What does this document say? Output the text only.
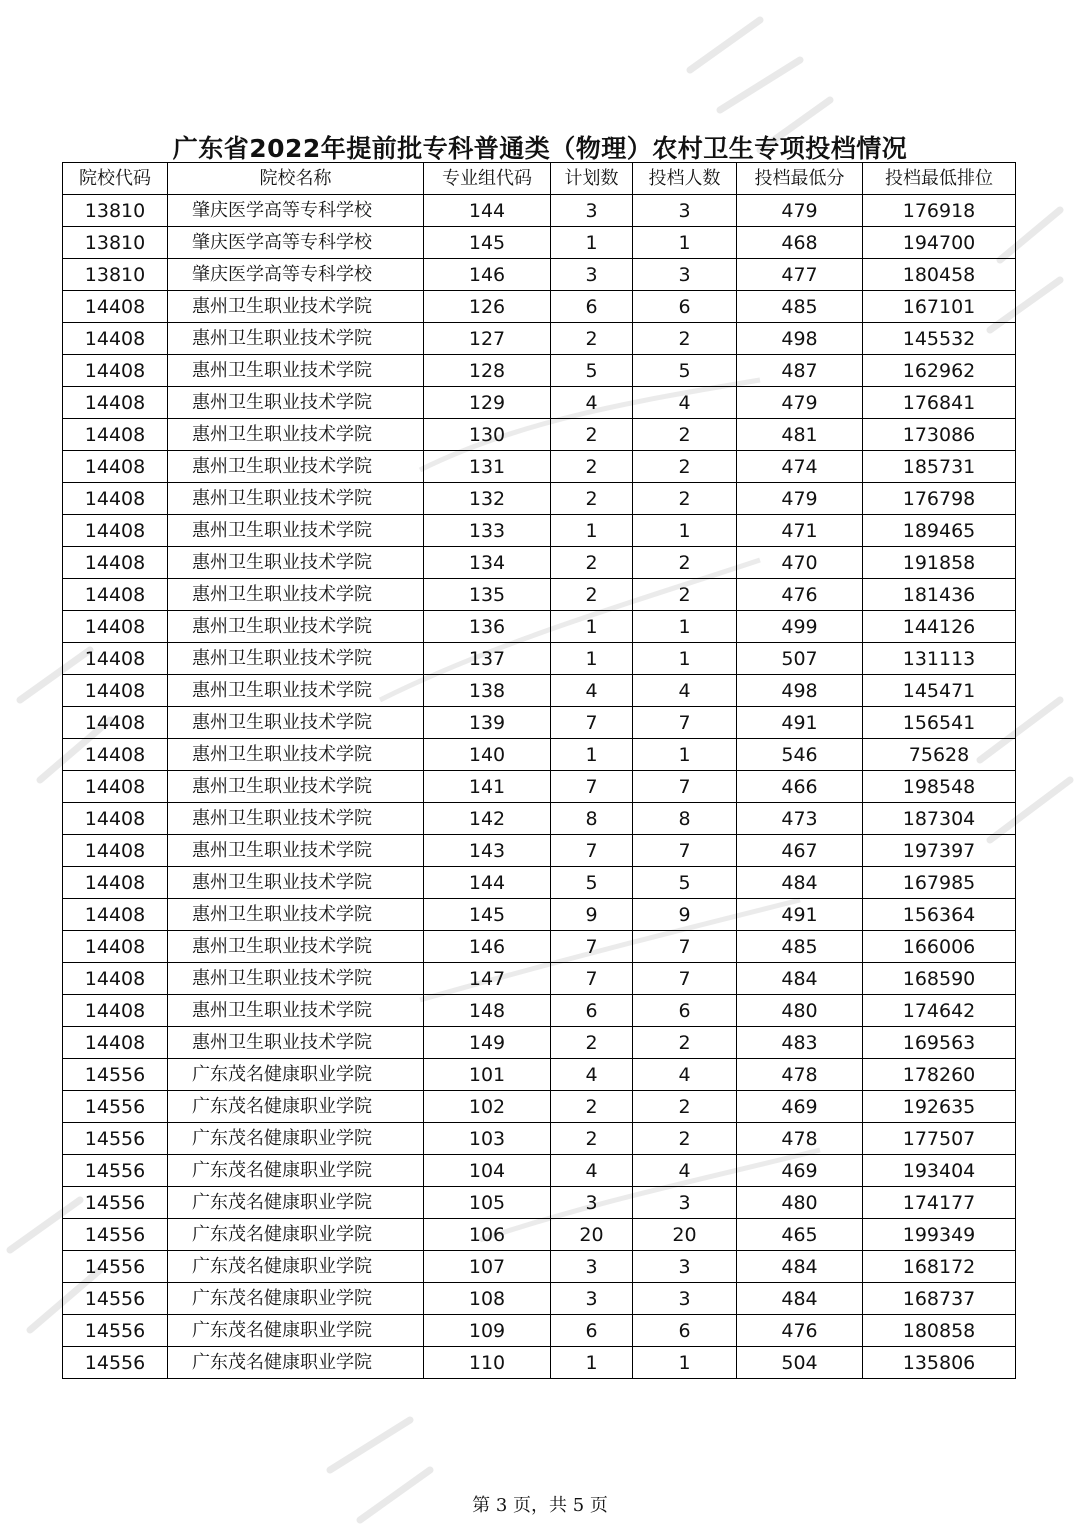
广东省2022年提前批专科普通类（物理）农村卫生专项投档情况
院校代码	院校名称	专业组代码	计划数	投档人数	投档最低分	投档最低排位
13810	肇庆医学高等专科学校	144	3	3	479	176918
13810	肇庆医学高等专科学校	145	1	1	468	194700
13810	肇庆医学高等专科学校	146	3	3	477	180458
14408	惠州卫生职业技术学院	126	6	6	485	167101
14408	惠州卫生职业技术学院	127	2	2	498	145532
14408	惠州卫生职业技术学院	128	5	5	487	162962
14408	惠州卫生职业技术学院	129	4	4	479	176841
14408	惠州卫生职业技术学院	130	2	2	481	173086
14408	惠州卫生职业技术学院	131	2	2	474	185731
14408	惠州卫生职业技术学院	132	2	2	479	176798
14408	惠州卫生职业技术学院	133	1	1	471	189465
14408	惠州卫生职业技术学院	134	2	2	470	191858
14408	惠州卫生职业技术学院	135	2	2	476	181436
14408	惠州卫生职业技术学院	136	1	1	499	144126
14408	惠州卫生职业技术学院	137	1	1	507	131113
14408	惠州卫生职业技术学院	138	4	4	498	145471
14408	惠州卫生职业技术学院	139	7	7	491	156541
14408	惠州卫生职业技术学院	140	1	1	546	75628
14408	惠州卫生职业技术学院	141	7	7	466	198548
14408	惠州卫生职业技术学院	142	8	8	473	187304
14408	惠州卫生职业技术学院	143	7	7	467	197397
14408	惠州卫生职业技术学院	144	5	5	484	167985
14408	惠州卫生职业技术学院	145	9	9	491	156364
14408	惠州卫生职业技术学院	146	7	7	485	166006
14408	惠州卫生职业技术学院	147	7	7	484	168590
14408	惠州卫生职业技术学院	148	6	6	480	174642
14408	惠州卫生职业技术学院	149	2	2	483	169563
14556	广东茂名健康职业学院	101	4	4	478	178260
14556	广东茂名健康职业学院	102	2	2	469	192635
14556	广东茂名健康职业学院	103	2	2	478	177507
14556	广东茂名健康职业学院	104	4	4	469	193404
14556	广东茂名健康职业学院	105	3	3	480	174177
14556	广东茂名健康职业学院	106	20	20	465	199349
14556	广东茂名健康职业学院	107	3	3	484	168172
14556	广东茂名健康职业学院	108	3	3	484	168737
14556	广东茂名健康职业学院	109	6	6	476	180858
14556	广东茂名健康职业学院	110	1	1	504	135806
第 3 页，共 5 页
